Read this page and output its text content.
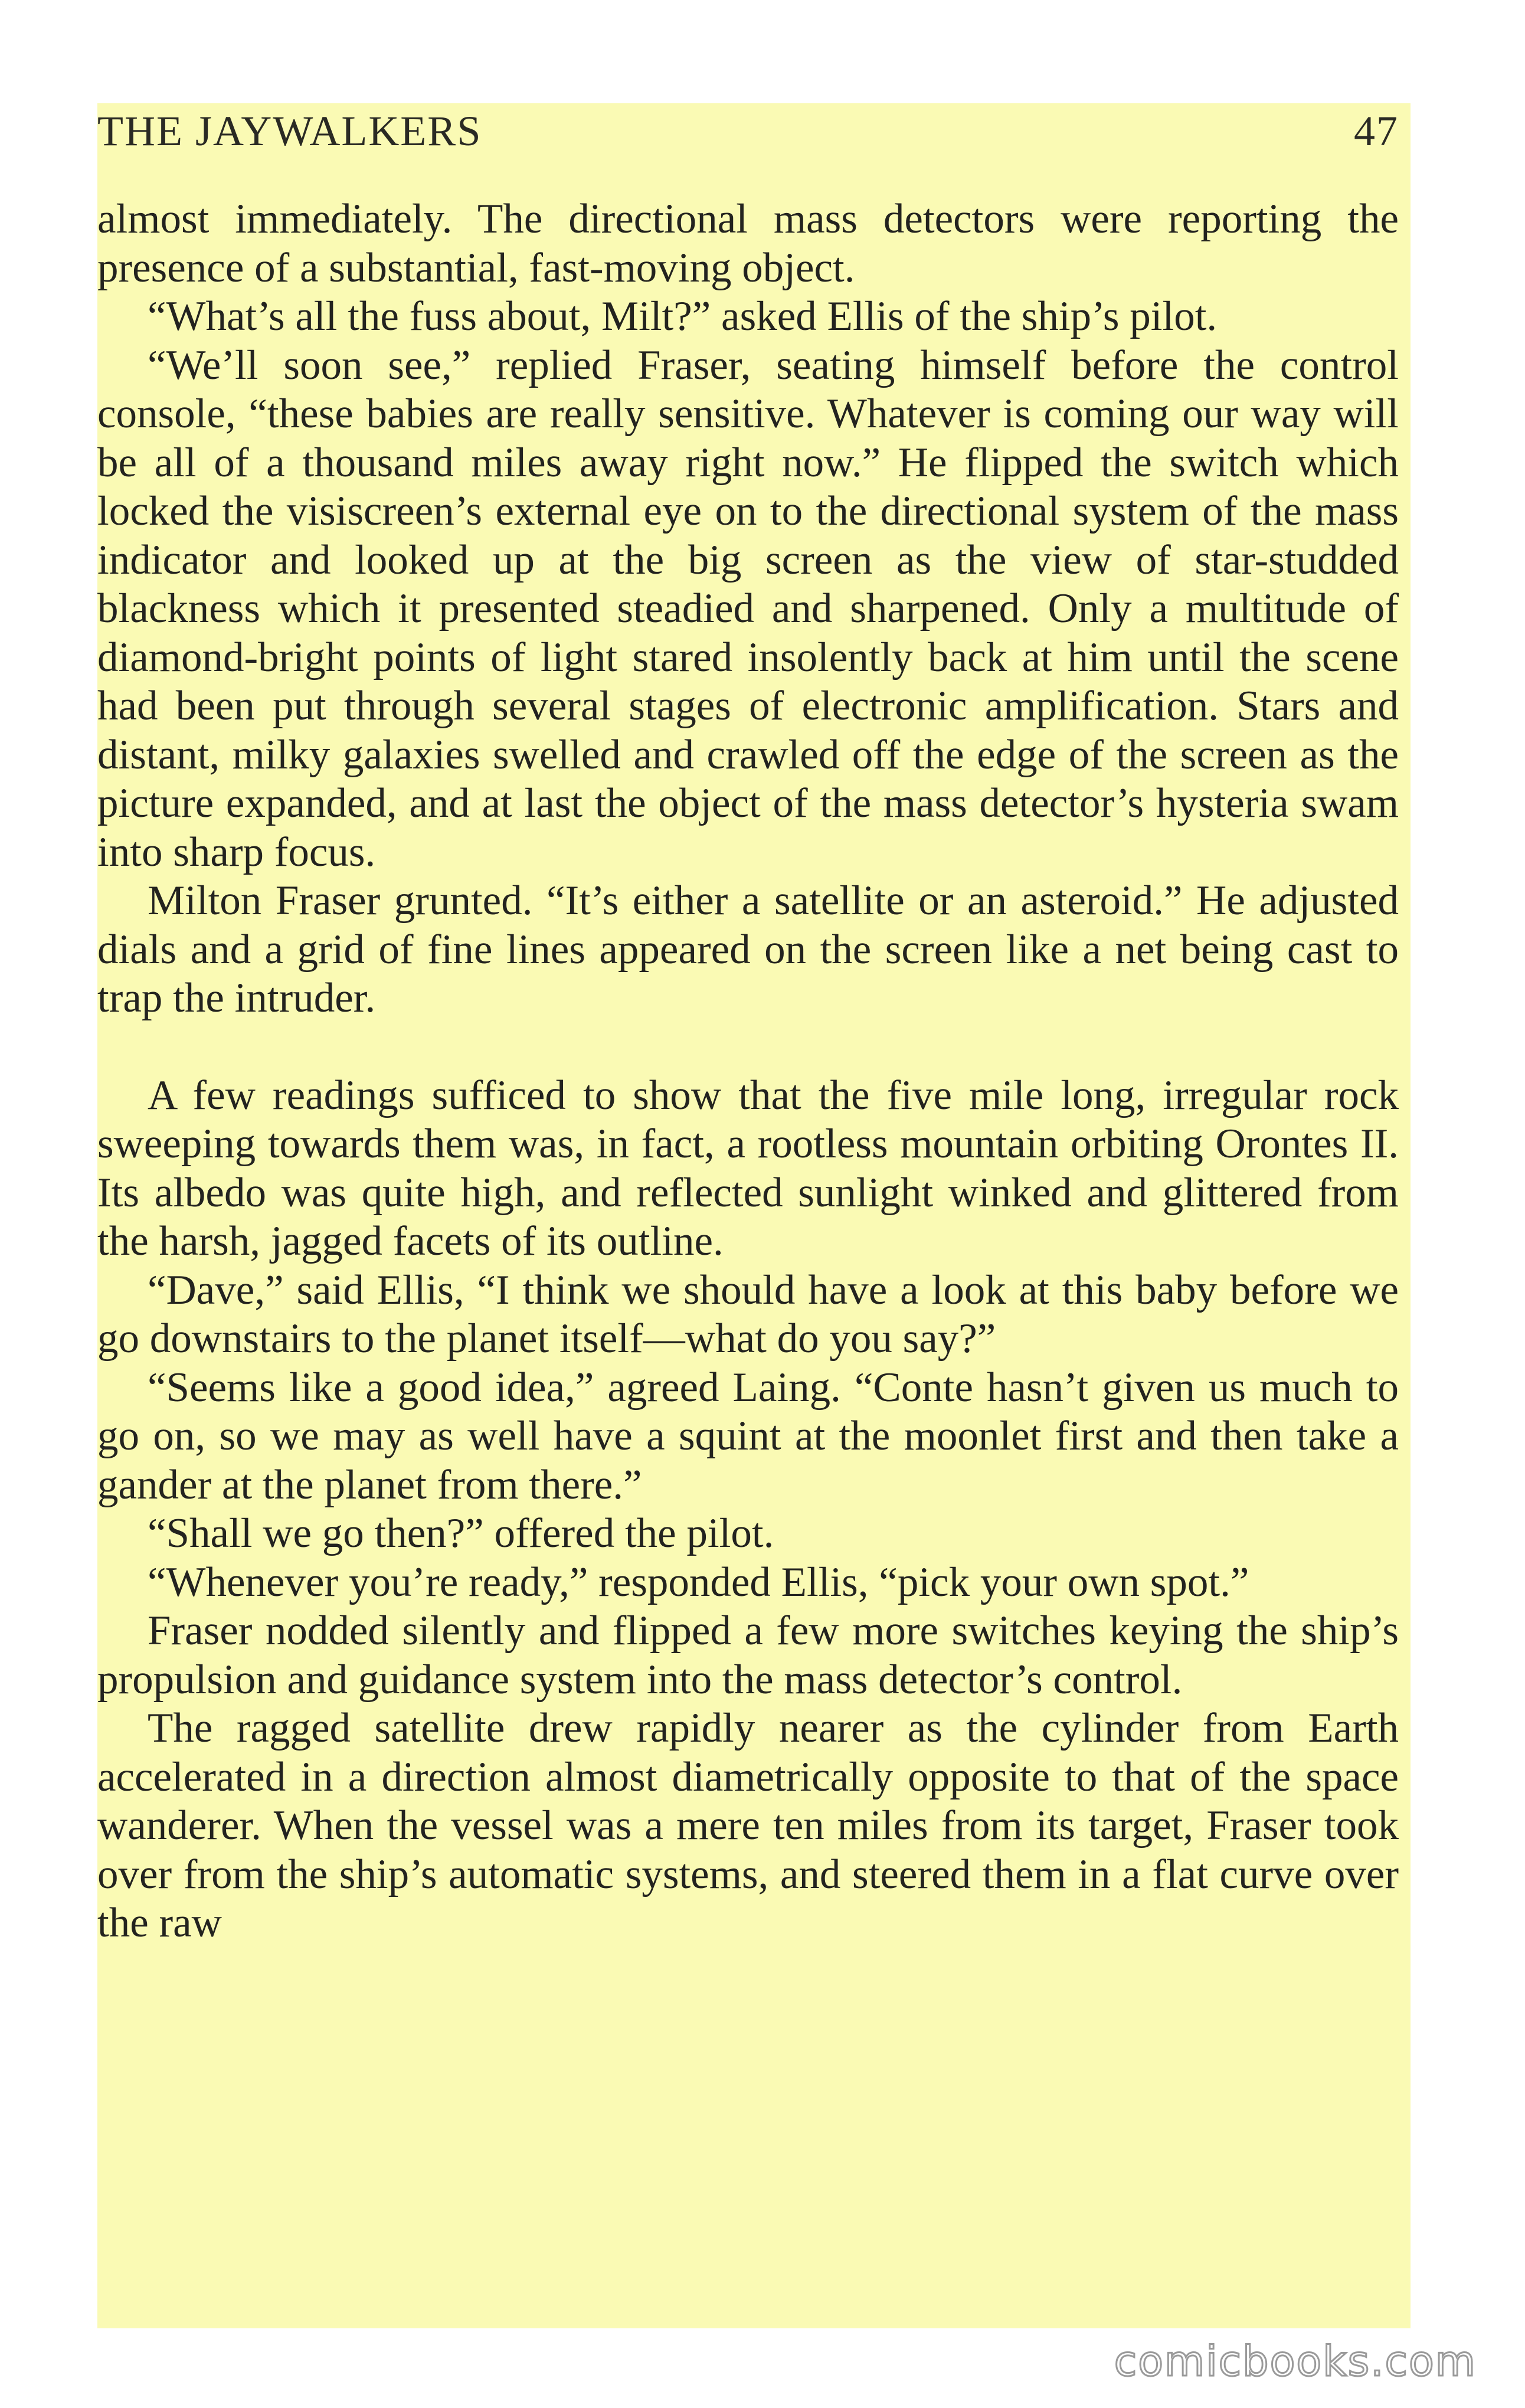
THE JAYWALKERS	47

almost immediately. The directional mass detectors were reporting the presence of a substantial, fast-moving object.

“What’s all the fuss about, Milt?” asked Ellis of the ship’s pilot.

“We’ll soon see,” replied Fraser, seating himself before the control console, “these babies are really sensitive. Whatever is coming our way will be all of a thousand miles away right now.” He flipped the switch which locked the visiscreen’s external eye on to the directional system of the mass indicator and looked up at the big screen as the view of star-studded blackness which it presented steadied and sharpened. Only a multitude of diamond-bright points of light stared insolently back at him until the scene had been put through several stages of electronic amplification. Stars and distant, milky galaxies swelled and crawled off the edge of the screen as the picture expanded, and at last the object of the mass detector’s hysteria swam into sharp focus.

Milton Fraser grunted. “It’s either a satellite or an asteroid.” He adjusted dials and a grid of fine lines appeared on the screen like a net being cast to trap the intruder.

A few readings sufficed to show that the five mile long, irregular rock sweeping towards them was, in fact, a rootless mountain orbiting Orontes II. Its albedo was quite high, and reflected sunlight winked and glittered from the harsh, jagged facets of its outline.

“Dave,” said Ellis, “I think we should have a look at this baby before we go downstairs to the planet itself—what do you say?”

“Seems like a good idea,” agreed Laing. “Conte hasn’t given us much to go on, so we may as well have a squint at the moonlet first and then take a gander at the planet from there.”

“Shall we go then?” offered the pilot.

“Whenever you’re ready,” responded Ellis, “pick your own spot.”

Fraser nodded silently and flipped a few more switches keying the ship’s propulsion and guidance system into the mass detector’s control.

The ragged satellite drew rapidly nearer as the cylinder from Earth accelerated in a direction almost diametrically opposite to that of the space wanderer. When the vessel was a mere ten miles from its target, Fraser took over from the ship’s automatic systems, and steered them in a flat curve over the raw

comicbooks.com
